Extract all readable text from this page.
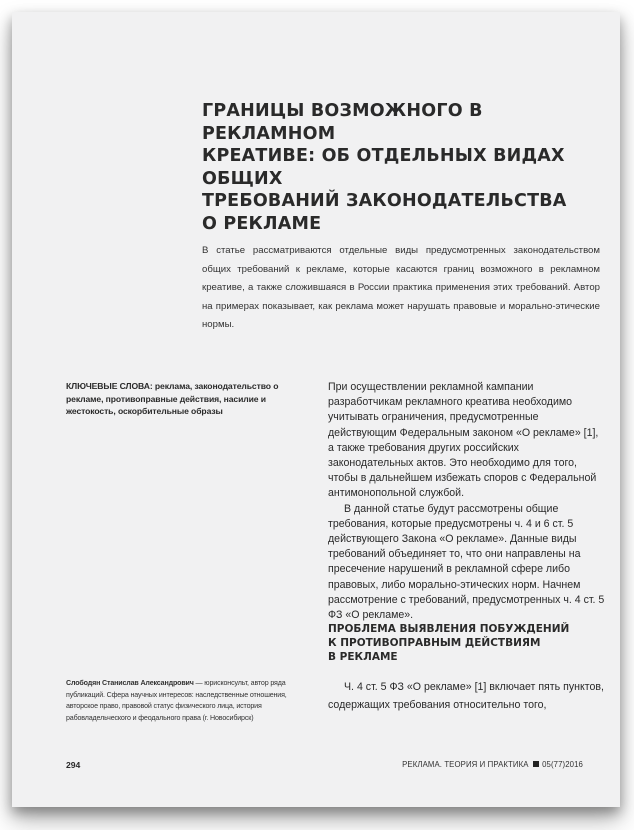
ГРАНИЦЫ ВОЗМОЖНОГО В РЕКЛАМНОМ
КРЕАТИВЕ: ОБ ОТДЕЛЬНЫХ ВИДАХ ОБЩИХ
ТРЕБОВАНИЙ ЗАКОНОДАТЕЛЬСТВА
О РЕКЛАМЕ

В статье рассматриваются отдельные виды предусмотренных законодательством общих требований к рекламе, которые касаются границ возможного в рекламном креативе, а также сложившаяся в России практика применения этих требований. Автор на примерах показывает, как реклама может нарушать правовые и морально-этические нормы.

КЛЮЧЕВЫЕ СЛОВА: реклама, законодательство о рекламе, противоправные действия, насилие и жестокость, оскорбительные образы

При осуществлении рекламной кампании разработчикам рекламного креатива необходимо учитывать ограничения, предусмотренные действующим Федеральным законом «О рекламе» [1], а также требования других российских законодательных актов. Это необходимо для того, чтобы в дальнейшем избежать споров с Федеральной антимонопольной службой.

В данной статье будут рассмотрены общие требования, которые предусмотрены ч. 4 и 6 ст. 5 действующего Закона «О рекламе». Данные виды требований объединяет то, что они направлены на пресечение нарушений в рекламной сфере либо правовых, либо морально-этических норм. Начнем рассмотрение с требований, предусмотренных ч. 4 ст. 5 ФЗ «О рекламе».

ПРОБЛЕМА ВЫЯВЛЕНИЯ ПОБУЖДЕНИЙ
К ПРОТИВОПРАВНЫМ ДЕЙСТВИЯМ
В РЕКЛАМЕ

Ч. 4 ст. 5 ФЗ «О рекламе» [1] включает пять пунктов, содержащих требования относительно того,

Слободян Станислав Александрович — юрисконсульт, автор ряда публикаций. Сфера научных интересов: наследственные отношения, авторское право, правовой статус физического лица, история рабовладельческого и феодального права (г. Новосибирск)

294	РЕКЛАМА. ТЕОРИЯ И ПРАКТИКА 05(77)2016
